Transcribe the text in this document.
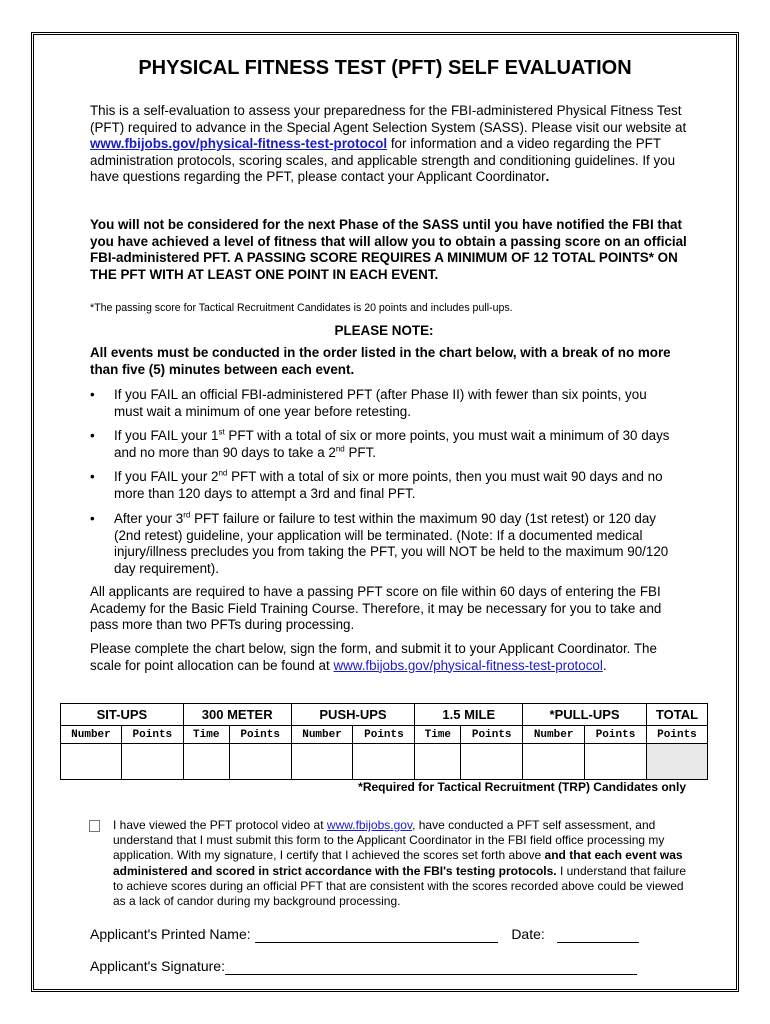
PHYSICAL FITNESS TEST (PFT) SELF EVALUATION
This is a self-evaluation to assess your preparedness for the FBI-administered Physical Fitness Test (PFT) required to advance in the Special Agent Selection System (SASS). Please visit our website at www.fbijobs.gov/physical-fitness-test-protocol for information and a video regarding the PFT administration protocols, scoring scales, and applicable strength and conditioning guidelines. If you have questions regarding the PFT, please contact your Applicant Coordinator.
You will not be considered for the next Phase of the SASS until you have notified the FBI that you have achieved a level of fitness that will allow you to obtain a passing score on an official FBI-administered PFT. A PASSING SCORE REQUIRES A MINIMUM OF 12 TOTAL POINTS* ON THE PFT WITH AT LEAST ONE POINT IN EACH EVENT.
*The passing score for Tactical Recruitment Candidates is 20 points and includes pull-ups.
PLEASE NOTE:
All events must be conducted in the order listed in the chart below, with a break of no more than five (5) minutes between each event.
• If you FAIL an official FBI-administered PFT (after Phase II) with fewer than six points, you must wait a minimum of one year before retesting.
• If you FAIL your 1st PFT with a total of six or more points, you must wait a minimum of 30 days and no more than 90 days to take a 2nd PFT.
• If you FAIL your 2nd PFT with a total of six or more points, then you must wait 90 days and no more than 120 days to attempt a 3rd and final PFT.
• After your 3rd PFT failure or failure to test within the maximum 90 day (1st retest) or 120 day (2nd retest) guideline, your application will be terminated. (Note: If a documented medical injury/illness precludes you from taking the PFT, you will NOT be held to the maximum 90/120 day requirement).
All applicants are required to have a passing PFT score on file within 60 days of entering the FBI Academy for the Basic Field Training Course. Therefore, it may be necessary for you to take and pass more than two PFTs during processing.
Please complete the chart below, sign the form, and submit it to your Applicant Coordinator. The scale for point allocation can be found at www.fbijobs.gov/physical-fitness-test-protocol.
SIT-UPS		300 METER		PUSH-UPS		1.5 MILE		*PULL-UPS		TOTAL
Number	Points	Time	Points	Number	Points	Time	Points	Number	Points	Points

*Required for Tactical Recruitment (TRP) Candidates only
I have viewed the PFT protocol video at www.fbijobs.gov, have conducted a PFT self assessment, and understand that I must submit this form to the Applicant Coordinator in the FBI field office processing my application. With my signature, I certify that I achieved the scores set forth above and that each event was administered and scored in strict accordance with the FBI's testing protocols. I understand that failure to achieve scores during an official PFT that are consistent with the scores recorded above could be viewed as a lack of candor during my background processing.
Applicant's Printed Name:	Date:
Applicant's Signature:
